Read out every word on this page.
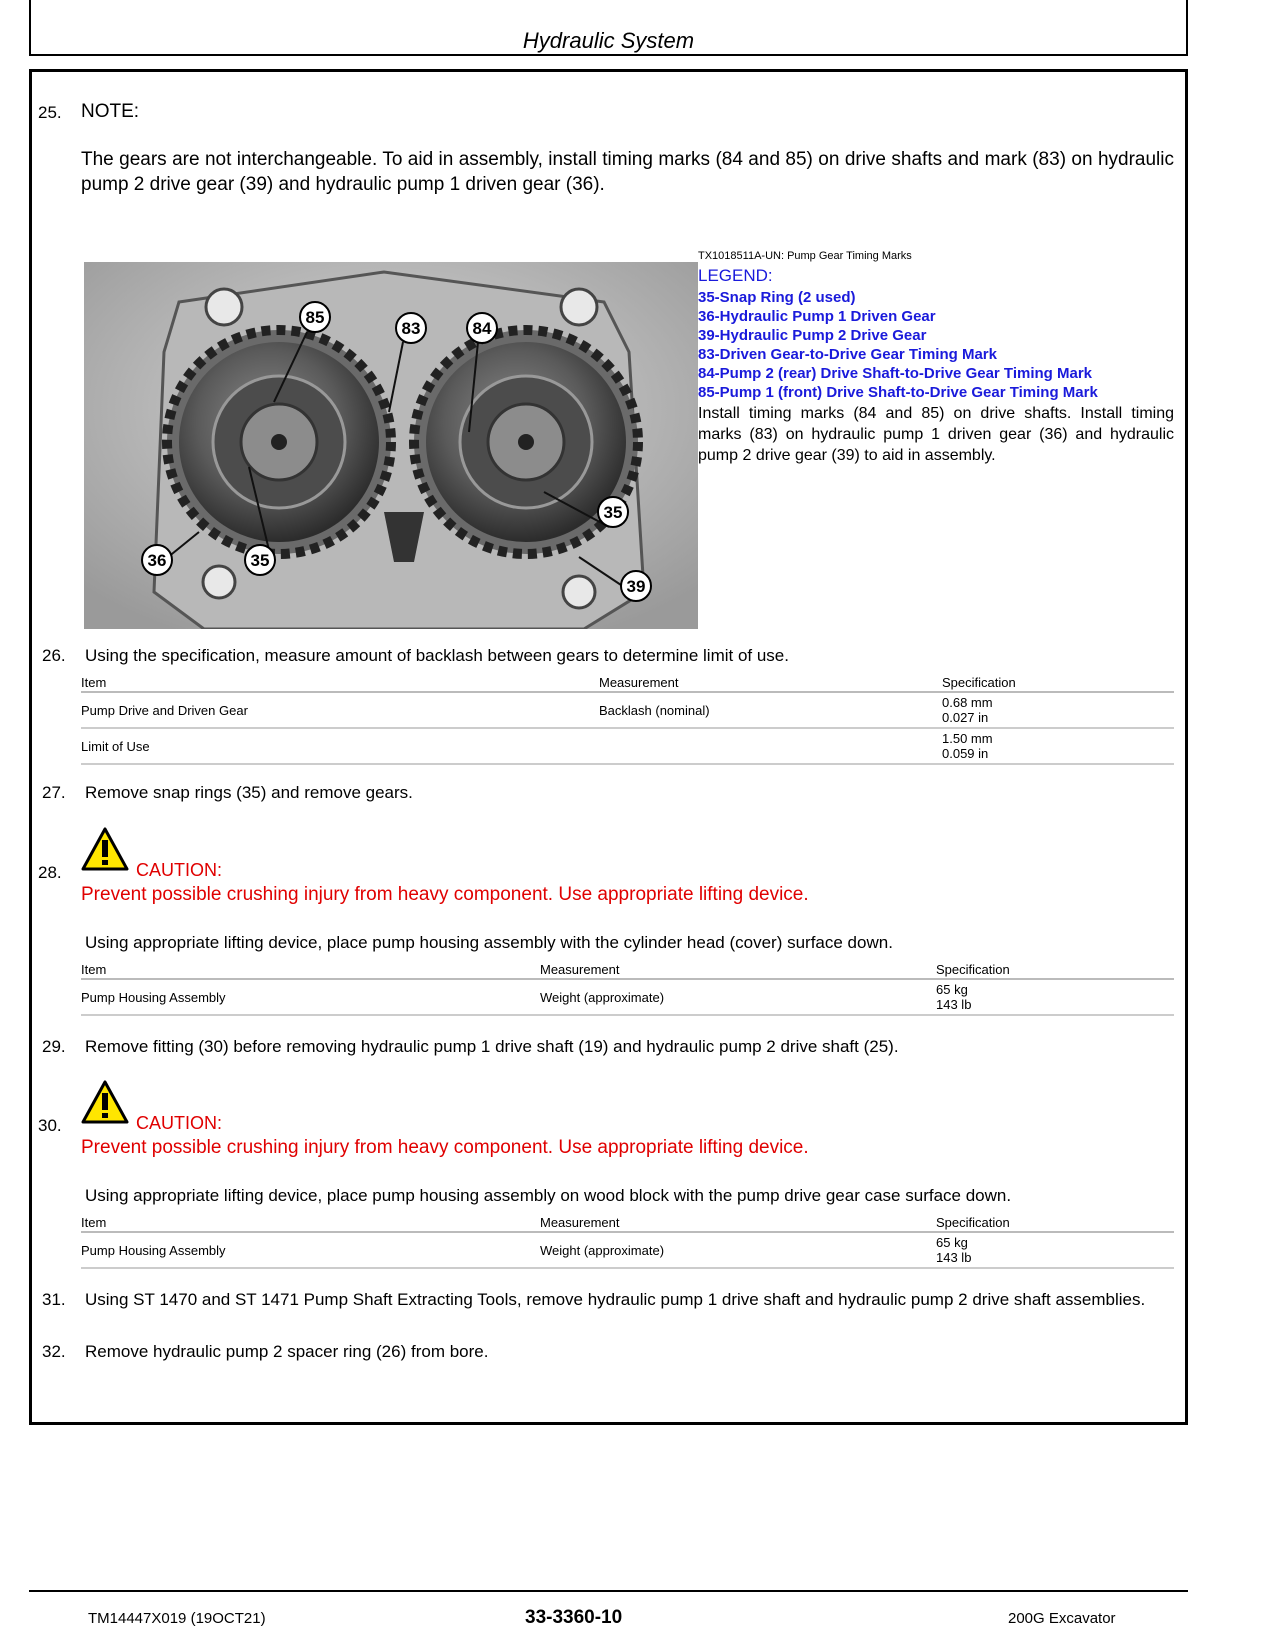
Hydraulic System
25. NOTE:
The gears are not interchangeable. To aid in assembly, install timing marks (84 and 85) on drive shafts and mark (83) on hydraulic pump 2 drive gear (39) and hydraulic pump 1 driven gear (36).
85
83	84
35
36	35
39
TX1018511A-UN: Pump Gear Timing Marks
LEGEND:
35-Snap Ring (2 used)
36-Hydraulic Pump 1 Driven Gear
39-Hydraulic Pump 2 Drive Gear
83-Driven Gear-to-Drive Gear Timing Mark
84-Pump 2 (rear) Drive Shaft-to-Drive Gear Timing Mark
85-Pump 1 (front) Drive Shaft-to-Drive Gear Timing Mark
Install timing marks (84 and 85) on drive shafts. Install timing marks (83) on hydraulic pump 1 driven gear (36) and hydraulic pump 2 drive gear (39) to aid in assembly.
26. Using the specification, measure amount of backlash between gears to determine limit of use.
Item	Measurement	Specification
Pump Drive and Driven Gear	Backlash (nominal)	0.68 mm
0.027 in

Limit of Use		1.50 mm
0.059 in
27. Remove snap rings (35) and remove gears.
28.	CAUTION:
Prevent possible crushing injury from heavy component. Use appropriate lifting device.
Using appropriate lifting device, place pump housing assembly with the cylinder head (cover) surface down.
Item	Measurement	Specification
Pump Housing Assembly	Weight (approximate)	65 kg
143 lb
29. Remove fitting (30) before removing hydraulic pump 1 drive shaft (19) and hydraulic pump 2 drive shaft (25).
30.	CAUTION:
Prevent possible crushing injury from heavy component. Use appropriate lifting device.
Using appropriate lifting device, place pump housing assembly on wood block with the pump drive gear case surface down.
Item	Measurement	Specification
Pump Housing Assembly	Weight (approximate)	65 kg
143 lb
31. Using ST 1470 and ST 1471 Pump Shaft Extracting Tools, remove hydraulic pump 1 drive shaft and hydraulic pump 2 drive shaft assemblies.
32. Remove hydraulic pump 2 spacer ring (26) from bore.
TM14447X019 (19OCT21)	33-3360-10	200G Excavator
